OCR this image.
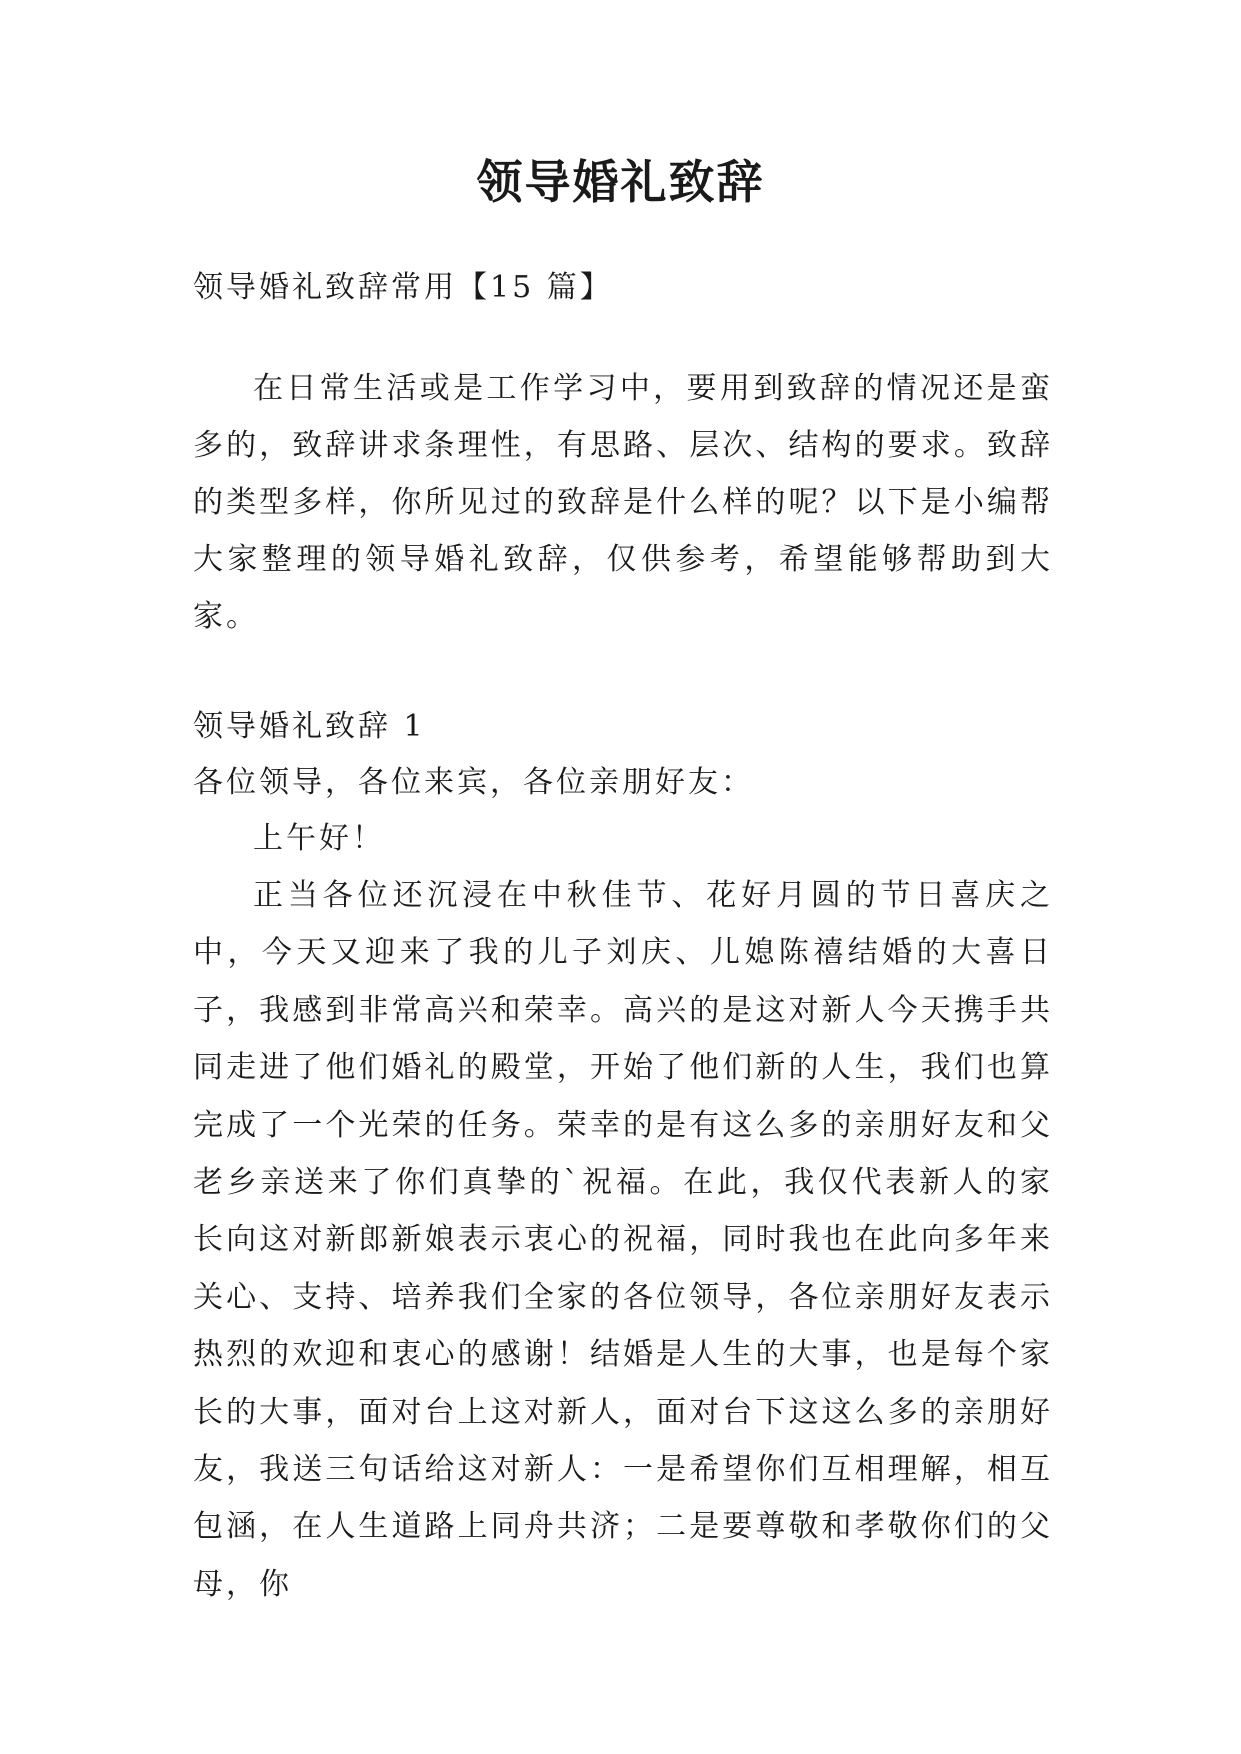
领导婚礼致辞

领导婚礼致辞常用【15 篇】

在日常生活或是工作学习中，要用到致辞的情况还是蛮多的，致辞讲求条理性，有思路、层次、结构的要求。致辞的类型多样，你所见过的致辞是什么样的呢？以下是小编帮大家整理的领导婚礼致辞，仅供参考，希望能够帮助到大家。

领导婚礼致辞 1

各位领导，各位来宾，各位亲朋好友：

上午好！

正当各位还沉浸在中秋佳节、花好月圆的节日喜庆之中，今天又迎来了我的儿子刘庆、儿媳陈禧结婚的大喜日子，我感到非常高兴和荣幸。高兴的是这对新人今天携手共同走进了他们婚礼的殿堂，开始了他们新的人生，我们也算完成了一个光荣的任务。荣幸的是有这么多的亲朋好友和父老乡亲送来了你们真挚的`祝福。在此，我仅代表新人的家长向这对新郎新娘表示衷心的祝福，同时我也在此向多年来关心、支持、培养我们全家的各位领导，各位亲朋好友表示热烈的欢迎和衷心的感谢！结婚是人生的大事，也是每个家长的大事，面对台上这对新人，面对台下这这么多的亲朋好友，我送三句话给这对新人：一是希望你们互相理解，相互包涵，在人生道路上同舟共济；二是要尊敬和孝敬你们的父母，你
